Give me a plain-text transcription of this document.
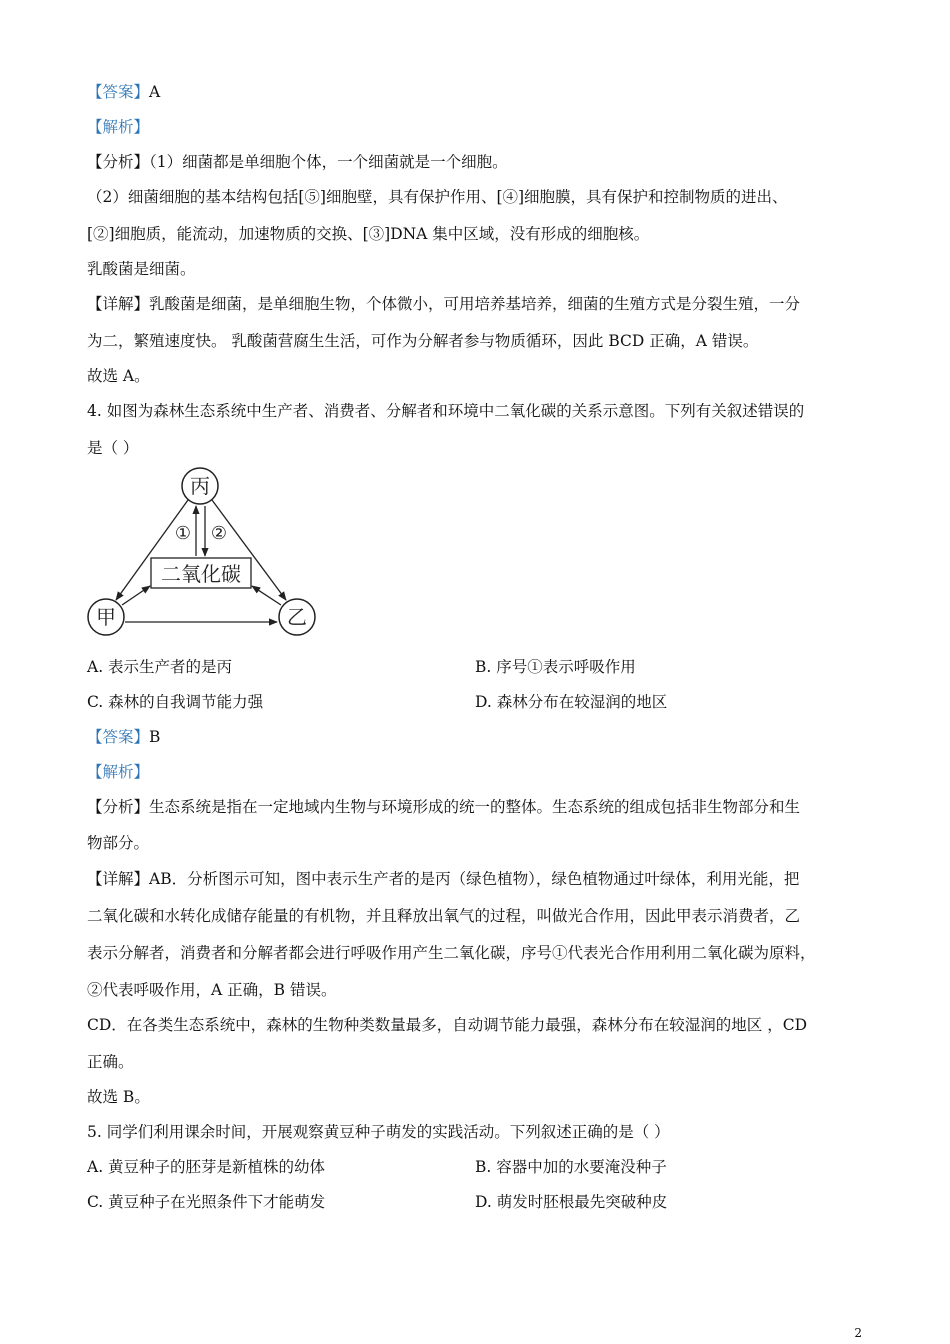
【答案】A
【解析】
【分析】（1）细菌都是单细胞个体，一个细菌就是一个细胞。
（2）细菌细胞的基本结构包括[⑤]细胞壁，具有保护作用、[④]细胞膜，具有保护和控制物质的进出、
[②]细胞质，能流动，加速物质的交换、[③]DNA 集中区域，没有形成的细胞核。
乳酸菌是细菌。
【详解】乳酸菌是细菌，是单细胞生物，个体微小，可用培养基培养，细菌的生殖方式是分裂生殖，一分
为二，繁殖速度快。 乳酸菌营腐生生活，可作为分解者参与物质循环，因此 BCD 正确，A 错误。
故选 A。
4. 如图为森林生态系统中生产者、消费者、分解者和环境中二氧化碳的关系示意图。下列有关叙述错误的
是（ ）
丙
甲	乙
二氧化碳
① ②
A. 表示生产者的是丙	B. 序号①表示呼吸作用
C. 森林的自我调节能力强	D. 森林分布在较湿润的地区
【答案】B
【解析】
【分析】生态系统是指在一定地域内生物与环境形成的统一的整体。生态系统的组成包括非生物部分和生
物部分。
【详解】AB．分析图示可知，图中表示生产者的是丙（绿色植物），绿色植物通过叶绿体，利用光能，把
二氧化碳和水转化成储存能量的有机物，并且释放出氧气的过程，叫做光合作用，因此甲表示消费者，乙
表示分解者，消费者和分解者都会进行呼吸作用产生二氧化碳，序号①代表光合作用利用二氧化碳为原料，
②代表呼吸作用，A 正确，B 错误。
CD．在各类生态系统中，森林的生物种类数量最多，自动调节能力最强，森林分布在较湿润的地区 ，CD
正确。
故选 B。
5. 同学们利用课余时间，开展观察黄豆种子萌发的实践活动。下列叙述正确的是（ ）
A. 黄豆种子的胚芽是新植株的幼体	B. 容器中加的水要淹没种子
C. 黄豆种子在光照条件下才能萌发	D. 萌发时胚根最先突破种皮
2
